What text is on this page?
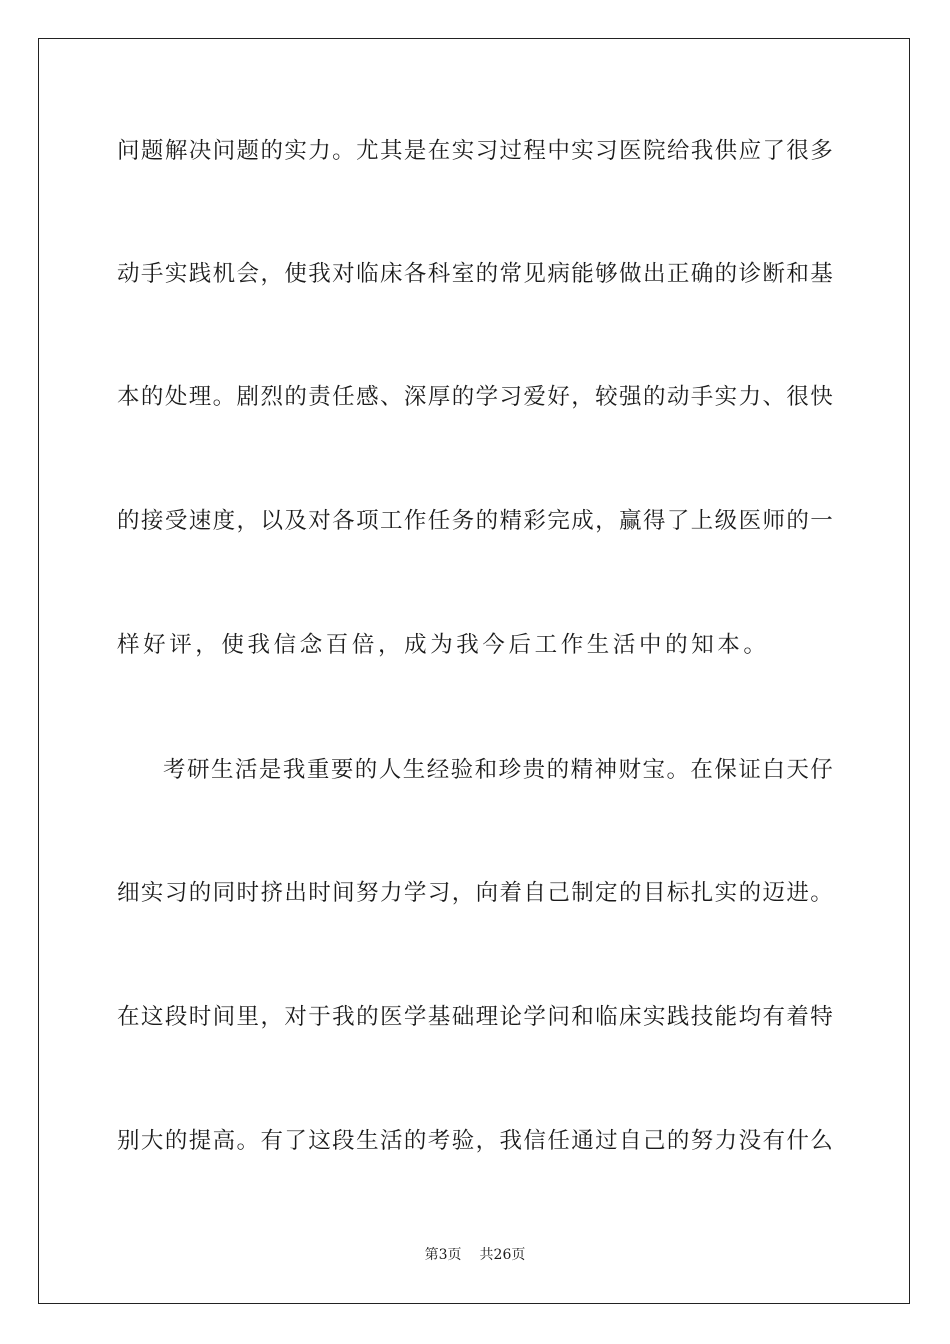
问题解决问题的实力。尤其是在实习过程中实习医院给我供应了很多
动手实践机会，使我对临床各科室的常见病能够做出正确的诊断和基
本的处理。剧烈的责任感、深厚的学习爱好，较强的动手实力、很快
的接受速度，以及对各项工作任务的精彩完成，赢得了上级医师的一
样好评，使我信念百倍，成为我今后工作生活中的知本。
考研生活是我重要的人生经验和珍贵的精神财宝。在保证白天仔
细实习的同时挤出时间努力学习，向着自己制定的目标扎实的迈进。
在这段时间里，对于我的医学基础理论学问和临床实践技能均有着特
别大的提高。有了这段生活的考验，我信任通过自己的努力没有什么
第3页 共26页
